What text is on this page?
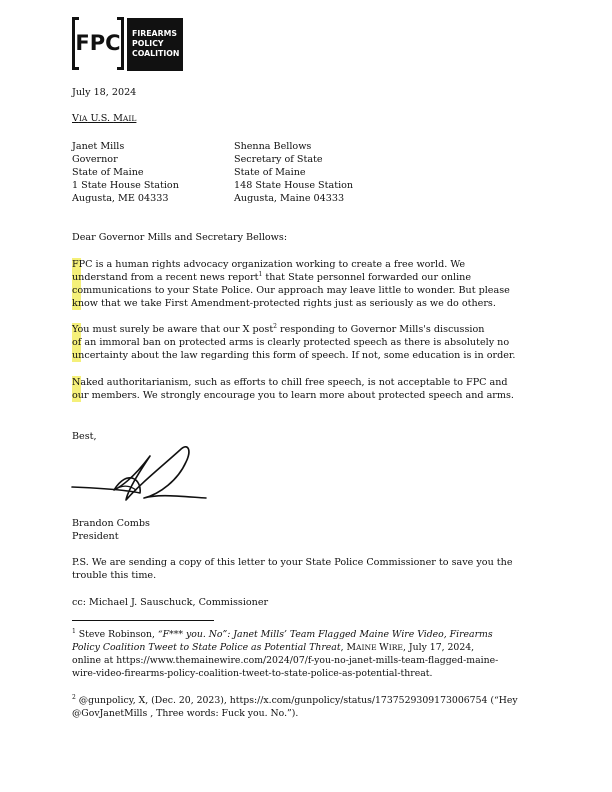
FPC	FIREARMS
POLICY
COALITION
July 18, 2024
VIA U.S. MAIL
Janet Mills
Governor
State of Maine
1 State House Station
Augusta, ME 04333
Shenna Bellows
Secretary of State
State of Maine
148 State House Station
Augusta, Maine 04333
Dear Governor Mills and Secretary Bellows:
FPC is a human rights advocacy organization working to create a free world. We
understand from a recent news report$^1$ that State personnel forwarded our online
communications to your State Police. Our approach may leave little to wonder. But please
know that we take First Amendment-protected rights just as seriously as we do others.
You must surely be aware that our X post$^2$ responding to Governor Mills's discussion
of an immoral ban on protected arms is clearly protected speech as there is absolutely no
uncertainty about the law regarding this form of speech. If not, some education is in order.
Naked authoritarianism, such as efforts to chill free speech, is not acceptable to FPC and
our members. We strongly encourage you to learn more about protected speech and arms.
Best,
Brandon Combs
President
P.S. We are sending a copy of this letter to your State Police Commissioner to save you the
trouble this time.
cc: Michael J. Sauschuck, Commissioner
$^1$ Steve Robinson, “F*** you. No”: Janet Mills’ Team Flagged Maine Wire Video, Firearms
Policy Coalition Tweet to State Police as Potential Threat, MAINE WIRE, July 17, 2024,
online at https://www.themainewire.com/2024/07/f-you-no-janet-mills-team-flagged-maine-
wire-video-firearms-policy-coalition-tweet-to-state-police-as-potential-threat.
$^2$ @gunpolicy, X, (Dec. 20, 2023), https://x.com/gunpolicy/status/1737529309173006754 (“Hey
@GovJanetMills , Three words: Fuck you. No.”).
